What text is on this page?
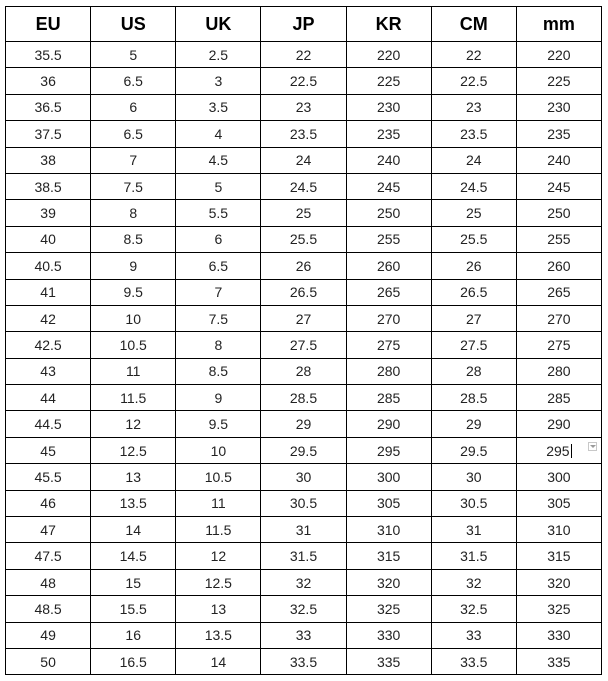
EU	US	UK	JP	KR	CM	mm
35.5	5	2.5	22	220	22	220
36	6.5	3	22.5	225	22.5	225
36.5	6	3.5	23	230	23	230
37.5	6.5	4	23.5	235	23.5	235
38	7	4.5	24	240	24	240
38.5	7.5	5	24.5	245	24.5	245
39	8	5.5	25	250	25	250
40	8.5	6	25.5	255	25.5	255
40.5	9	6.5	26	260	26	260
41	9.5	7	26.5	265	26.5	265
42	10	7.5	27	270	27	270
42.5	10.5	8	27.5	275	27.5	275
43	11	8.5	28	280	28	280
44	11.5	9	28.5	285	28.5	285
44.5	12	9.5	29	290	29	290
45	12.5	10	29.5	295	29.5	295

45.5	13	10.5	30	300	30	300
46	13.5	11	30.5	305	30.5	305
47	14	11.5	31	310	31	310
47.5	14.5	12	31.5	315	31.5	315
48	15	12.5	32	320	32	320
48.5	15.5	13	32.5	325	32.5	325
49	16	13.5	33	330	33	330
50	16.5	14	33.5	335	33.5	335
